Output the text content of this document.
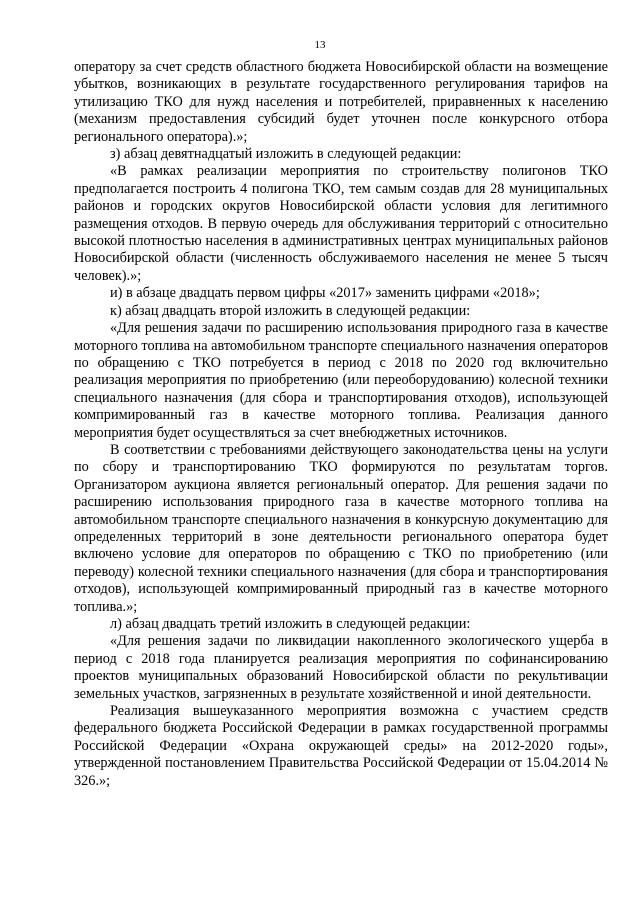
13

оператору за счет средств областного бюджета Новосибирской области на возмещение убытков, возникающих в результате государственного регулирования тарифов на утилизацию ТКО для нужд населения и потребителей, приравненных к населению (механизм предоставления субсидий будет уточнен после конкурсного отбора регионального оператора).»;

з) абзац девятнадцатый изложить в следующей редакции:

«В рамках реализации мероприятия по строительству полигонов ТКО предполагается построить 4 полигона ТКО, тем самым создав для 28 муниципальных районов и городских округов Новосибирской области условия для легитимного размещения отходов. В первую очередь для обслуживания территорий с относительно высокой плотностью населения в административных центрах муниципальных районов Новосибирской области (численность обслуживаемого населения не менее 5 тысяч человек).»;

и) в абзаце двадцать первом цифры «2017» заменить цифрами «2018»;

к) абзац двадцать второй изложить в следующей редакции:

«Для решения задачи по расширению использования природного газа в качестве моторного топлива на автомобильном транспорте специального назначения операторов по обращению с ТКО потребуется в период с 2018 по 2020 год включительно реализация мероприятия по приобретению (или переоборудованию) колесной техники специального назначения (для сбора и транспортирования отходов), использующей компримированный газ в качестве моторного топлива. Реализация данного мероприятия будет осуществляться за счет внебюджетных источников.

В соответствии с требованиями действующего законодательства цены на услуги по сбору и транспортированию ТКО формируются по результатам торгов. Организатором аукциона является региональный оператор. Для решения задачи по расширению использования природного газа в качестве моторного топлива на автомобильном транспорте специального назначения в конкурсную документацию для определенных территорий в зоне деятельности регионального оператора будет включено условие для операторов по обращению с ТКО по приобретению (или переводу) колесной техники специального назначения (для сбора и транспортирования отходов), использующей компримированный природный газ в качестве моторного топлива.»;

л) абзац двадцать третий изложить в следующей редакции:

«Для решения задачи по ликвидации накопленного экологического ущерба в период с 2018 года планируется реализация мероприятия по софинансированию проектов муниципальных образований Новосибирской области по рекультивации земельных участков, загрязненных в результате хозяйственной и иной деятельности.

Реализация вышеуказанного мероприятия возможна с участием средств федерального бюджета Российской Федерации в рамках государственной программы Российской Федерации «Охрана окружающей среды» на 2012-2020 годы», утвержденной постановлением Правительства Российской Федерации от 15.04.2014 № 326.»;
